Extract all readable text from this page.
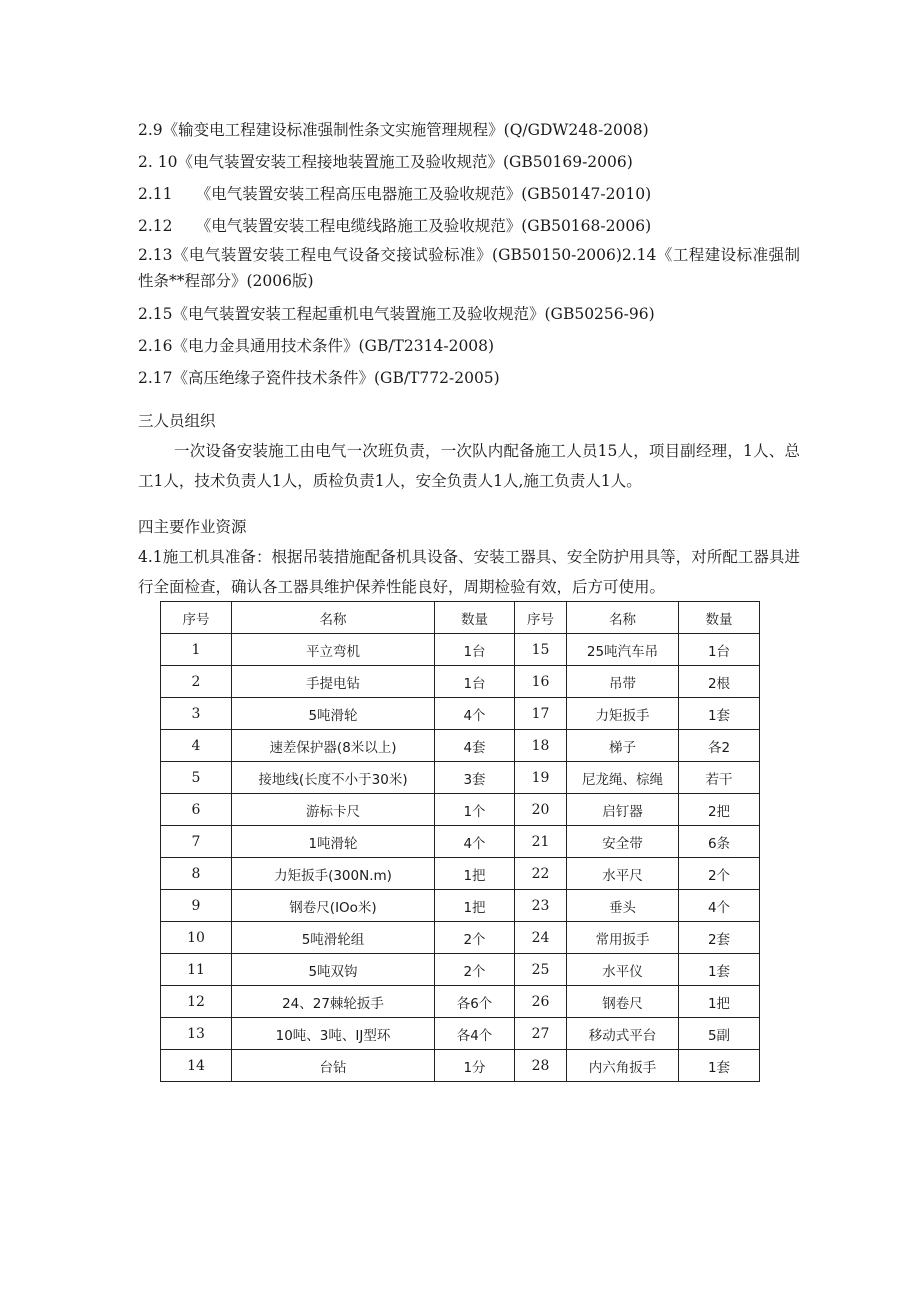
2.9《输变电工程建设标准强制性条文实施管理规程》(Q/GDW248-2008)
2. 10《电气装置安装工程接地装置施工及验收规范》(GB50169-2006)
2.11　　《电气装置安装工程高压电器施工及验收规范》(GB50147-2010)
2.12　　《电气装置安装工程电缆线路施工及验收规范》(GB50168-2006)
2.13《电气装置安装工程电气设备交接试验标准》(GB50150-2006)2.14《工程建设标准强制性条**程部分》(2006版)
2.15《电气装置安装工程起重机电气装置施工及验收规范》(GB50256-96)
2.16《电力金具通用技术条件》(GB/T2314-2008)
2.17《高压绝缘子瓷件技术条件》(GB/T772-2005)
三人员组织
一次设备安装施工由电气一次班负责，一次队内配备施工人员15人，项目副经理，1人、总工1人，技术负责人1人，质检负责1人，安全负责人1人,施工负责人1人。
四主要作业资源
4.1施工机具准备：根据吊装措施配备机具设备、安装工器具、安全防护用具等，对所配工器具进行全面检查，确认各工器具维护保养性能良好，周期检验有效，后方可使用。
序号	名称	数量	序号	名称	数量
1	平立弯机	1台	15	25吨汽车吊	1台
2	手提电钻	1台	16	吊带	2根
3	5吨滑轮	4个	17	力矩扳手	1套
4	速差保护器(8米以上)	4套	18	梯子	各2
5	接地线(长度不小于30米)	3套	19	尼龙绳、棕绳	若干
6	游标卡尺	1个	20	启钉器	2把
7	1吨滑轮	4个	21	安全带	6条
8	力矩扳手(300N.m)	1把	22	水平尺	2个
9	钢卷尺(IOo米)	1把	23	垂头	4个
10	5吨滑轮组	2个	24	常用扳手	2套
11	5吨双钩	2个	25	水平仪	1套
12	24、27棘轮扳手	各6个	26	钢卷尺	1把
13	10吨、3吨、IJ型环	各4个	27	移动式平台	5副
14	台钻	1分	28	内六角扳手	1套
